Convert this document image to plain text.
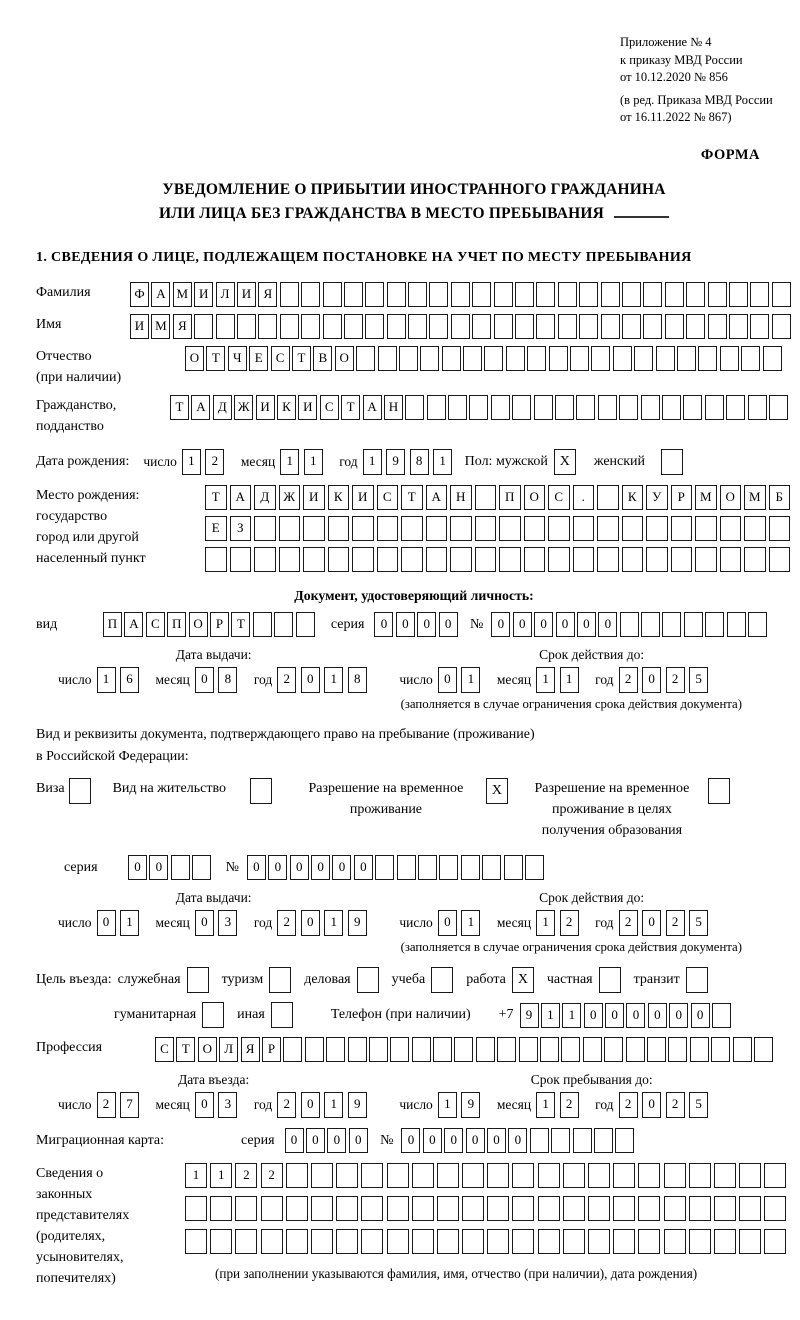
Приложение № 4
к приказу МВД России
от 10.12.2020 № 856
(в ред. Приказа МВД России
от 16.11.2022 № 867)
ФОРМА
УВЕДОМЛЕНИЕ О ПРИБЫТИИ ИНОСТРАННОГО ГРАЖДАНИНА
ИЛИ ЛИЦА БЕЗ ГРАЖДАНСТВА В МЕСТО ПРЕБЫВАНИЯ
1. СВЕДЕНИЯ О ЛИЦЕ, ПОДЛЕЖАЩЕМ ПОСТАНОВКЕ НА УЧЕТ ПО МЕСТУ ПРЕБЫВАНИЯ
Фамилия	Ф А М И Л И Я
Имя	И М Я
Отчество
(при наличии)
О Т	Ч	Е	С	Т	В О
Гражданство,
подданство
Т А Д Ж И К И С	Т А Н
Дата рождения: число 1	2	месяц 1	1	год 1	9	8	1	Пол: мужской X	женский
Место рождения:
государство
город или другой
населенный пункт
Т	А	Д	Ж	И	К	И	С	Т	А	Н	П	О	С	.	К	У	Р	М	О	М	Б
Е	З
Документ, удостоверяющий личность:
вид	П А С П О	Р	Т	серия	0	0	0	0	№	0	0	0	0	0	0
Дата выдачи:
число 1	6	месяц 0	8	год 2	0	1	8
Срок действия до:
число 0	1	месяц 1	1	год 2	0	2	5
(заполняется в случае ограничения срока действия документа)
Вид и реквизиты документа, подтверждающего право на пребывание (проживание)
в Российской Федерации:
Виза	Вид на жительство	Разрешение на временное проживание
X	Разрешение на временное проживание в целях получения образования
серия	0	0	№	0	0	0	0	0	0
Дата выдачи:
число 0	1	месяц 0	3	год 2	0	1	9
Срок действия до:
число 0	1	месяц 1	2	год 2	0	2	5
(заполняется в случае ограничения срока действия документа)
Цель въезда: служебная	туризм	деловая	учеба	работа X	частная	транзит
гуманитарная	иная	Телефон (при наличии) +7 9	1	1	0	0	0	0	0	0
Профессия	С	Т О Л Я	Р
Дата въезда:
число 2	7	месяц 0	3	год 2	0	1	9
Срок пребывания до:
число 1	9	месяц 1	2	год 2	0	2	5
Миграционная карта:	серия	0	0	0	0	№	0	0	0	0	0	0
Сведения о
законных
представителях
(родителях,
усыновителях,
попечителях)
1	1	2	2
(при заполнении указываются фамилия, имя, отчество (при наличии), дата рождения)
